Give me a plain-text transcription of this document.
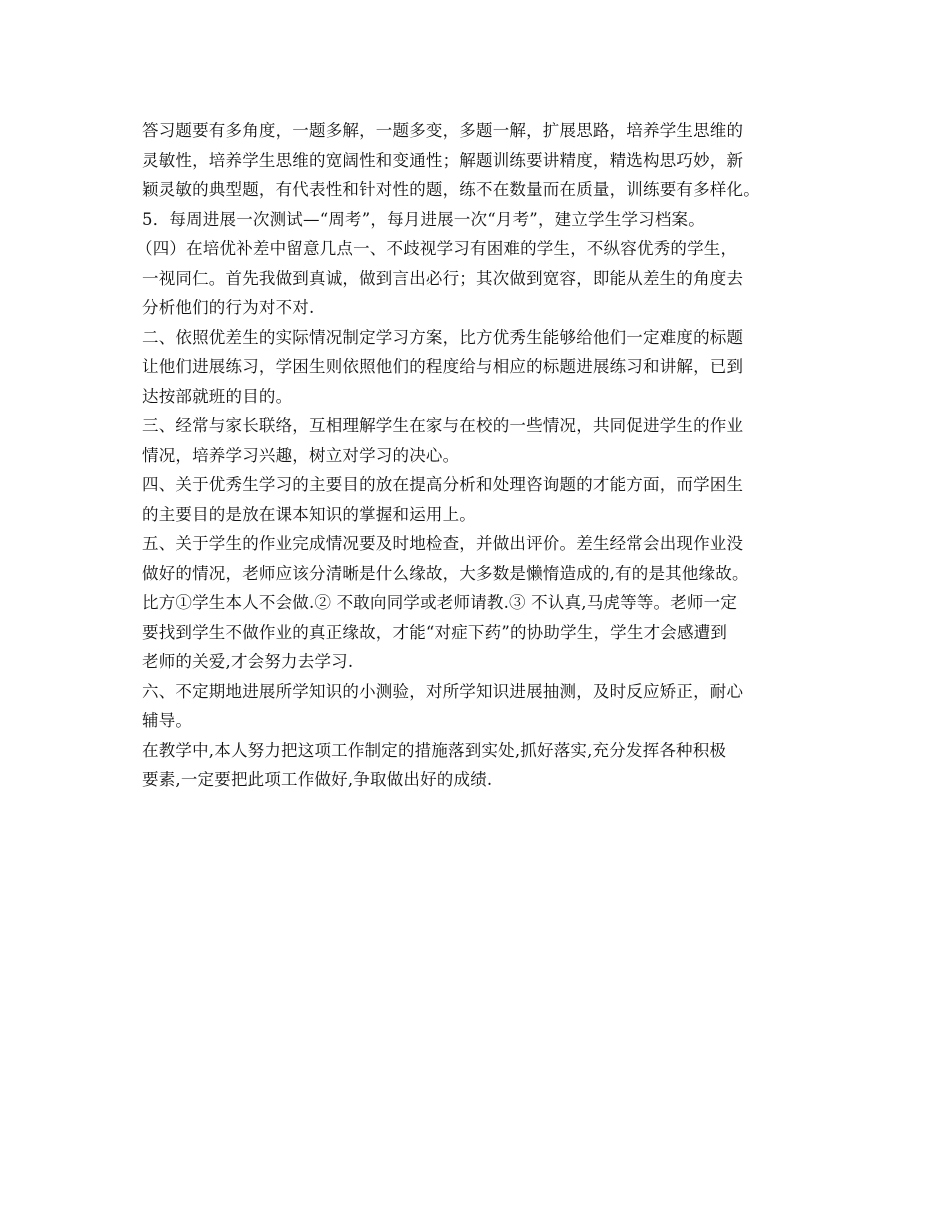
答习题要有多角度，一题多解，一题多变，多题一解，扩展思路，培养学生思维的
灵敏性，培养学生思维的宽阔性和变通性；解题训练要讲精度，精选构思巧妙，新
颖灵敏的典型题，有代表性和针对性的题，练不在数量而在质量，训练要有多样化。
5．每周进展一次测试—“周考”，每月进展一次“月考”，建立学生学习档案。
（四）在培优补差中留意几点一、不歧视学习有困难的学生，不纵容优秀的学生，
一视同仁。首先我做到真诚，做到言出必行；其次做到宽容，即能从差生的角度去
分析他们的行为对不对.
二、依照优差生的实际情况制定学习方案，比方优秀生能够给他们一定难度的标题
让他们进展练习，学困生则依照他们的程度给与相应的标题进展练习和讲解，已到
达按部就班的目的。
三、经常与家长联络，互相理解学生在家与在校的一些情况，共同促进学生的作业
情况，培养学习兴趣，树立对学习的决心。
四、关于优秀生学习的主要目的放在提高分析和处理咨询题的才能方面，而学困生
的主要目的是放在课本知识的掌握和运用上。
五、关于学生的作业完成情况要及时地检查，并做出评价。差生经常会出现作业没
做好的情况，老师应该分清晰是什么缘故，大多数是懒惰造成的,有的是其他缘故。
比方①学生本人不会做.② 不敢向同学或老师请教.③ 不认真,马虎等等。老师一定
要找到学生不做作业的真正缘故，才能“对症下药”的协助学生，学生才会感遭到
老师的关爱,才会努力去学习.
六、不定期地进展所学知识的小测验，对所学知识进展抽测，及时反应矫正，耐心
辅导。
在教学中,本人努力把这项工作制定的措施落到实处,抓好落实,充分发挥各种积极
要素,一定要把此项工作做好,争取做出好的成绩.
